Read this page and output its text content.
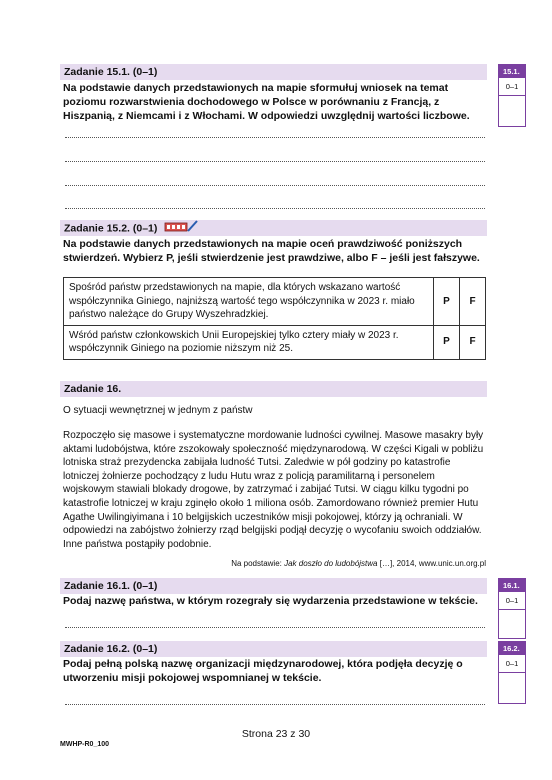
Zadanie 15.1. (0–1)
Na podstawie danych przedstawionych na mapie sformułuj wniosek na temat poziomu rozwarstwienia dochodowego w Polsce w porównaniu z Francją, z Hiszpanią, z Niemcami i z Włochami. W odpowiedzi uwzględnij wartości liczbowe.
15.1.
0–1
Zadanie 15.2. (0–1)
Na podstawie danych przedstawionych na mapie oceń prawdziwość poniższych stwierdzeń. Wybierz P, jeśli stwierdzenie jest prawdziwe, albo F – jeśli jest fałszywe.
Spośród państw przedstawionych na mapie, dla których wskazano wartość współczynnika Giniego, najniższą wartość tego współczynnika w 2023 r. miało państwo należące do Grupy Wyszehradzkiej.	P	F
Wśród państw członkowskich Unii Europejskiej tylko cztery miały w 2023 r. współczynnik Giniego na poziomie niższym niż 25.	P	F
Zadanie 16.
O sytuacji wewnętrznej w jednym z państw
Rozpoczęło się masowe i systematyczne mordowanie ludności cywilnej. Masowe masakry były aktami ludobójstwa, które zszokowały społeczność międzynarodową. W części Kigali w pobliżu lotniska straż prezydencka zabijała ludność Tutsi. Zaledwie w pół godziny po katastrofie lotniczej żołnierze pochodzący z ludu Hutu wraz z policją paramilitarną i personelem wojskowym stawiali blokady drogowe, by zatrzymać i zabijać Tutsi. W ciągu kilku tygodni po katastrofie lotniczej w kraju zginęło około 1 miliona osób. Zamordowano również premier Hutu Agathe Uwilingiyimana i 10 belgijskich uczestników misji pokojowej, którzy ją ochraniali. W odpowiedzi na zabójstwo żołnierzy rząd belgijski podjął decyzję o wycofaniu swoich oddziałów. Inne państwa postąpiły podobnie.
Na podstawie: Jak doszło do ludobójstwa […], 2014, www.unic.un.org.pl
Zadanie 16.1. (0–1)
Podaj nazwę państwa, w którym rozegrały się wydarzenia przedstawione w tekście.
16.1.
0–1
Zadanie 16.2. (0–1)
Podaj pełną polską nazwę organizacji międzynarodowej, która podjęła decyzję o utworzeniu misji pokojowej wspomnianej w tekście.
16.2.
0–1
Strona 23 z 30
MWHP-R0_100
